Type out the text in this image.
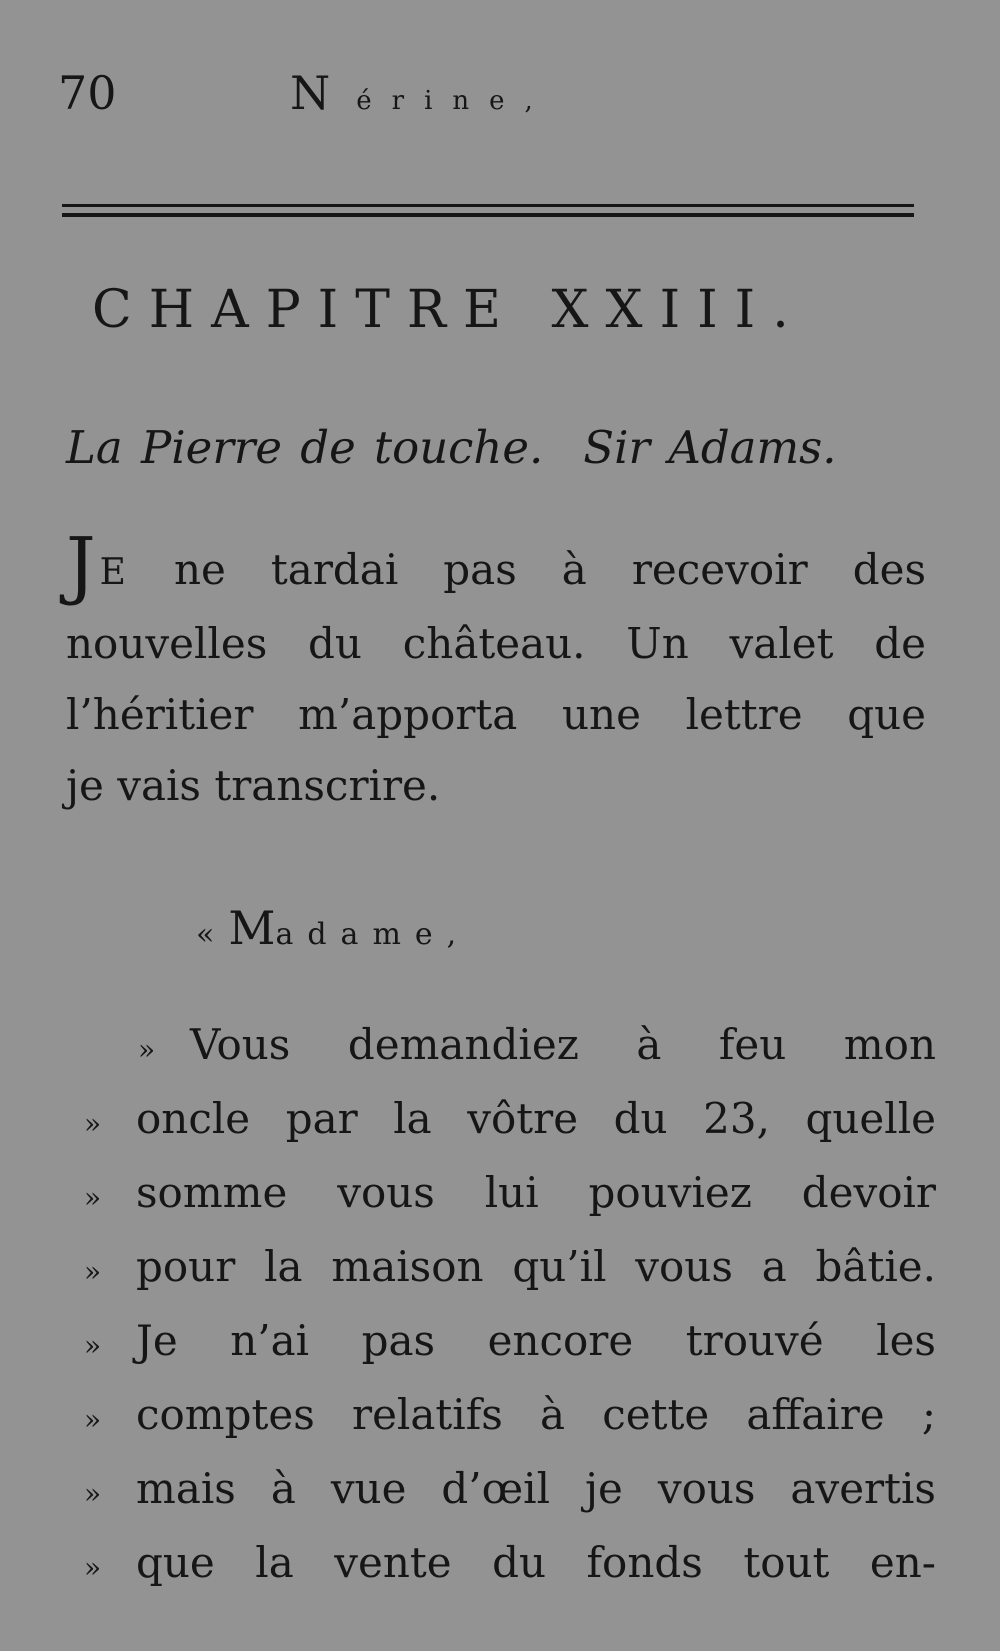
70	Nérine,
CHAPITRE XXIII.
La Pierre de touche. Sir Adams.
J E ne tardai pas à recevoir des
nouvelles du château. Un valet de
l’héritier m’apporta une lettre que
je vais transcrire.
« Madame,
» Vous demandiez à feu mon
» oncle par la vôtre du 23, quelle
» somme vous lui pouviez devoir
» pour la maison qu’il vous a bâtie.
» Je n’ai pas encore trouvé les
» comptes relatifs à cette affaire ;
» mais à vue d’œil je vous avertis
» que la vente du fonds tout en-
